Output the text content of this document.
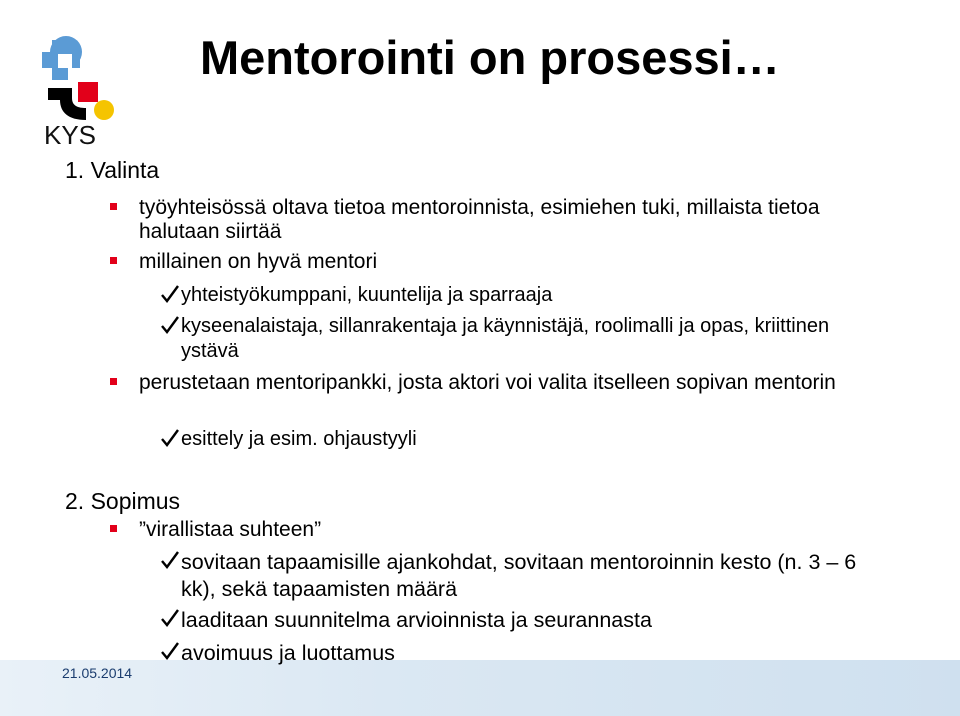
KYS
Mentorointi on prosessi…
1. Valinta
työyhteisössä oltava tietoa mentoroinnista, esimiehen tuki, millaista tietoa halutaan siirtää
millainen on hyvä mentori
yhteistyökumppani, kuuntelija ja sparraaja
kyseenalaistaja, sillanrakentaja ja käynnistäjä, roolimalli ja opas, kriittinen ystävä
perustetaan mentoripankki, josta aktori voi valita itselleen sopivan mentorin
esittely ja esim. ohjaustyyli
2. Sopimus
”virallistaa suhteen”
sovitaan tapaamisille ajankohdat, sovitaan mentoroinnin kesto (n. 3 – 6 kk), sekä tapaamisten määrä
laaditaan suunnitelma arvioinnista ja seurannasta
21.05.2014
avoimuus ja luottamus
